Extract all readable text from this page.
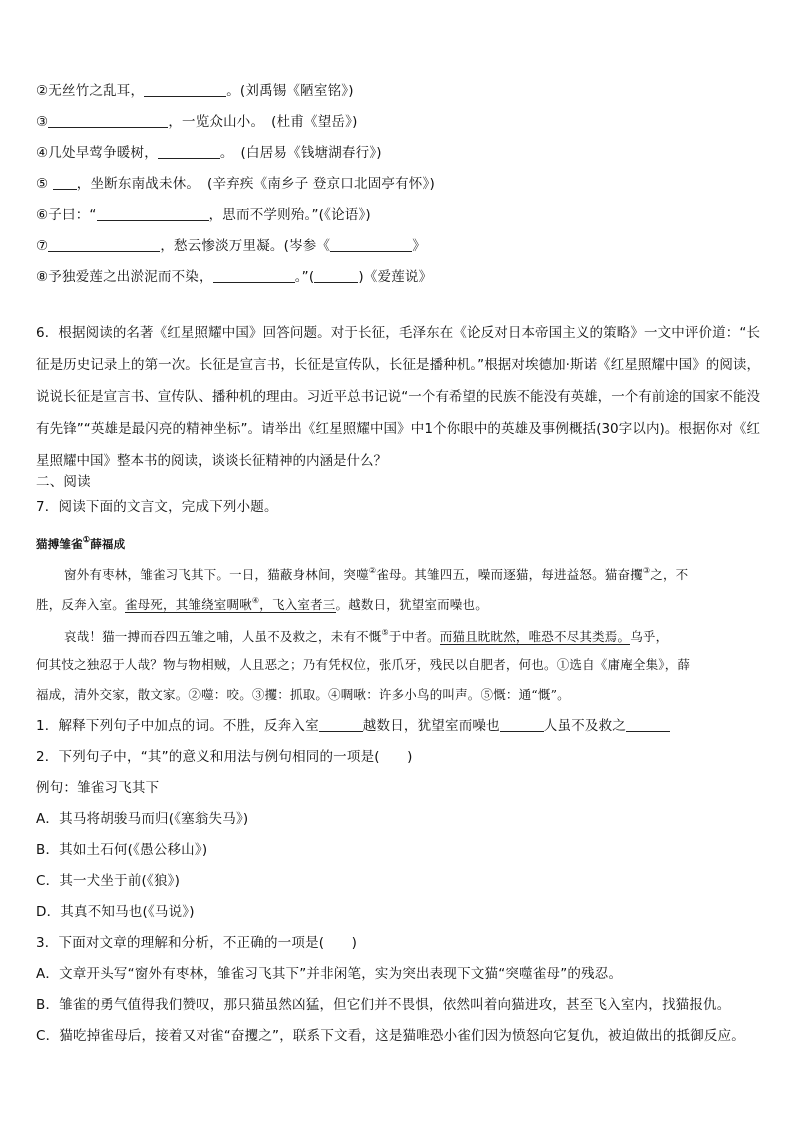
②无丝竹之乱耳，	。(刘禹锡《陋室铭》)
③	，一览众山小。　(杜甫《望岳》)
④几处早莺争暖树，	。　(白居易《钱塘湖春行》)
⑤ ，坐断东南战未休。　(辛弃疾《南乡子 登京口北固亭有怀》)
⑥子曰：“	，思而不学则殆。”(《论语》)
⑦	，愁云惨淡万里凝。(岑参《	》
⑧予独爱莲之出淤泥而不染，	。”(	)《爱莲说》
6．根据阅读的名著《红星照耀中国》回答问题。对于长征，毛泽东在《论反对日本帝国主义的策略》一文中评价道：“长征是历史记录上的第一次。长征是宣言书，长征是宣传队，长征是播种机。”根据对埃德加·斯诺《红星照耀中国》的阅读，说说长征是宣言书、宣传队、播种机的理由。习近平总书记说“一个有希望的民族不能没有英雄，一个有前途的国家不能没有先锋”“英雄是最闪亮的精神坐标”。请举出《红星照耀中国》中1个你眼中的英雄及事例概括(30字以内)。根据你对《红星照耀中国》整本书的阅读，谈谈长征精神的内涵是什么？
二、阅读
7．阅读下面的文言文，完成下列小题。
猫搏雏雀①薛福成
窗外有枣林，雏雀习飞其下。一日，猫蔽身林间，突噬②雀母。其雏四五，噪而逐猫，每进益怒。猫奋攫③之，不
胜，反奔入室。雀母死，其雏绕室啁啾④，飞入室者三。越数日，犹望室而噪也。
哀哉！猫一搏而吞四五雏之哺，人虽不及救之，未有不慨⑤于中者。而猫且眈眈然，唯恐不尽其类焉。乌乎，
何其忮之独忍于人哉？物与物相贼，人且恶之；乃有凭权位，张爪牙，残民以自肥者，何也。①选自《庸庵全集》，薛
福成，清外交家，散文家。②噬：咬。③攫：抓取。④啁啾：许多小鸟的叫声。⑤慨：通“慨”。
1．解释下列句子中加点的词。不胜，反奔入室	越数日，犹望室而噪也	人虽不及救之
2．下列句子中，“其”的意义和用法与例句相同的一项是(　　)
例句：雏雀习飞其下
A．其马将胡骏马而归(《塞翁失马》)
B．其如土石何(《愚公移山》)
C．其一犬坐于前(《狼》)
D．其真不知马也(《马说》)
3．下面对文章的理解和分析，不正确的一项是(　　)
A．文章开头写“窗外有枣林，雏雀习飞其下”并非闲笔，实为突出表现下文猫“突噬雀母”的残忍。
B．雏雀的勇气值得我们赞叹，那只猫虽然凶猛，但它们并不畏惧，依然叫着向猫进攻，甚至飞入室内，找猫报仇。
C．猫吃掉雀母后，接着又对雀“奋攫之”，联系下文看，这是猫唯恐小雀们因为愤怒向它复仇，被迫做出的抵御反应。
